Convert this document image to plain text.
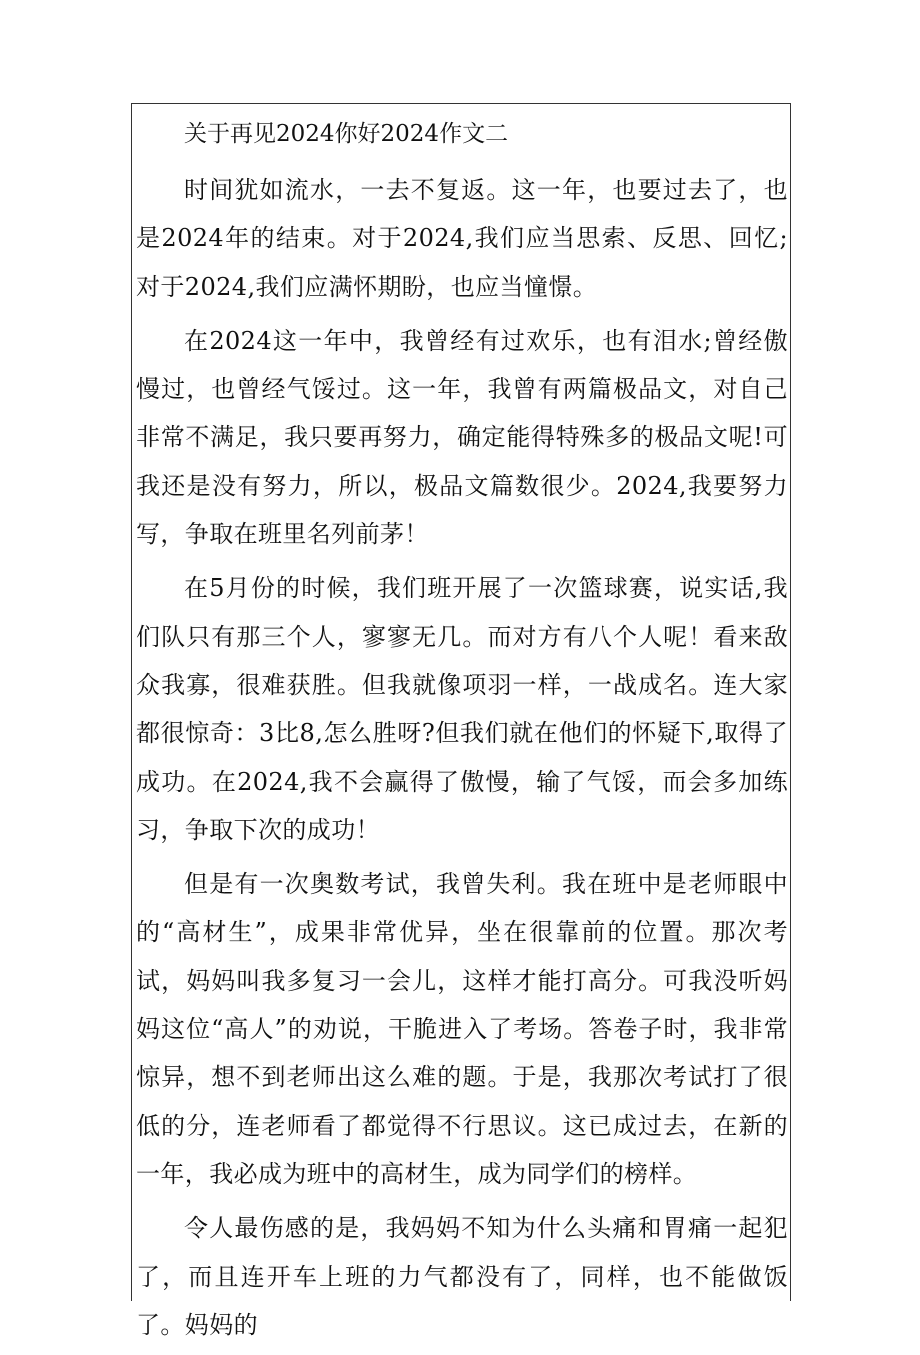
关于再见2024你好2024作文二

时间犹如流水，一去不复返。这一年，也要过去了，也是2024年的结束。对于2024,我们应当思索、反思、回忆;对于2024,我们应满怀期盼，也应当憧憬。

在2024这一年中，我曾经有过欢乐，也有泪水;曾经傲慢过，也曾经气馁过。这一年，我曾有两篇极品文，对自己非常不满足，我只要再努力，确定能得特殊多的极品文呢!可我还是没有努力，所以，极品文篇数很少。2024,我要努力写，争取在班里名列前茅！

在5月份的时候，我们班开展了一次篮球赛，说实话,我们队只有那三个人，寥寥无几。而对方有八个人呢！看来敌众我寡，很难获胜。但我就像项羽一样，一战成名。连大家都很惊奇：3比8,怎么胜呀?但我们就在他们的怀疑下,取得了成功。在2024,我不会赢得了傲慢，输了气馁，而会多加练习，争取下次的成功！

但是有一次奥数考试，我曾失利。我在班中是老师眼中的“高材生”，成果非常优异，坐在很靠前的位置。那次考试，妈妈叫我多复习一会儿，这样才能打高分。可我没听妈妈这位“高人”的劝说，干脆进入了考场。答卷子时，我非常惊异，想不到老师出这么难的题。于是，我那次考试打了很低的分，连老师看了都觉得不行思议。这已成过去，在新的一年，我必成为班中的高材生，成为同学们的榜样。

令人最伤感的是，我妈妈不知为什么头痛和胃痛一起犯了，而且连开车上班的力气都没有了，同样，也不能做饭了。妈妈的
